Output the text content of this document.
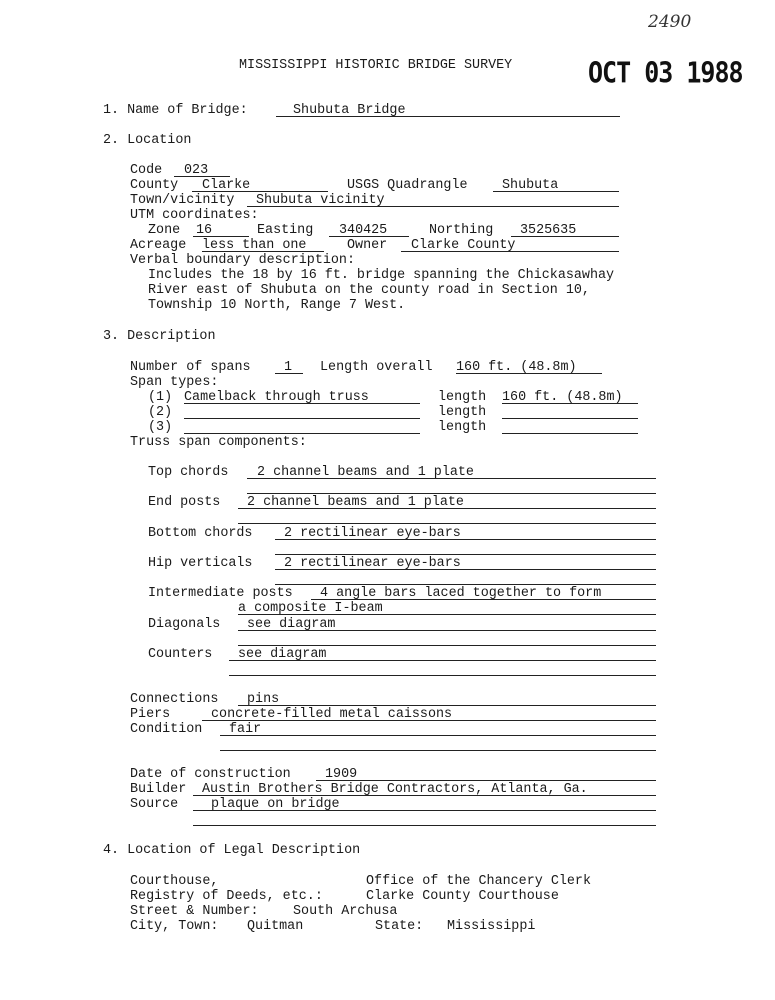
2490
MISSISSIPPI HISTORIC BRIDGE SURVEY	OCT 03 1988
1. Name of Bridge:	Shubuta Bridge
2. Location
Code 023
County Clarke	USGS Quadrangle	Shubuta
Town/vicinity Shubuta vicinity
UTM coordinates:
Zone 16	Easting 340425	Northing 3525635
Acreage less than one	Owner Clarke County
Verbal boundary description:
Includes the 18 by 16 ft. bridge spanning the Chickasawhay
River east of Shubuta on the county road in Section 10,
Township 10 North, Range 7 West.
3. Description
Number of spans 1 Length overall 160 ft. (48.8m)
Span types:
(1) Camelback through truss	length 160 ft. (48.8m)
(2)	length
(3)	length
Truss span components:
Top chords 2 channel beams and 1 plate
End posts 2 channel beams and 1 plate
Bottom chords 2 rectilinear eye-bars
Hip verticals 2 rectilinear eye-bars
Intermediate posts 4 angle bars laced together to form
a composite I-beam
Diagonals see diagram
Counters see diagram
Connections pins
Piers	concrete-filled metal caissons
Condition fair
Date of construction	1909
Builder Austin Brothers Bridge Contractors, Atlanta, Ga.
Source plaque on bridge
4. Location of Legal Description
Courthouse,	Office of the Chancery Clerk
Registry of Deeds, etc.:	Clarke County Courthouse
Street & Number:	South Archusa
City, Town: Quitman	State: Mississippi
